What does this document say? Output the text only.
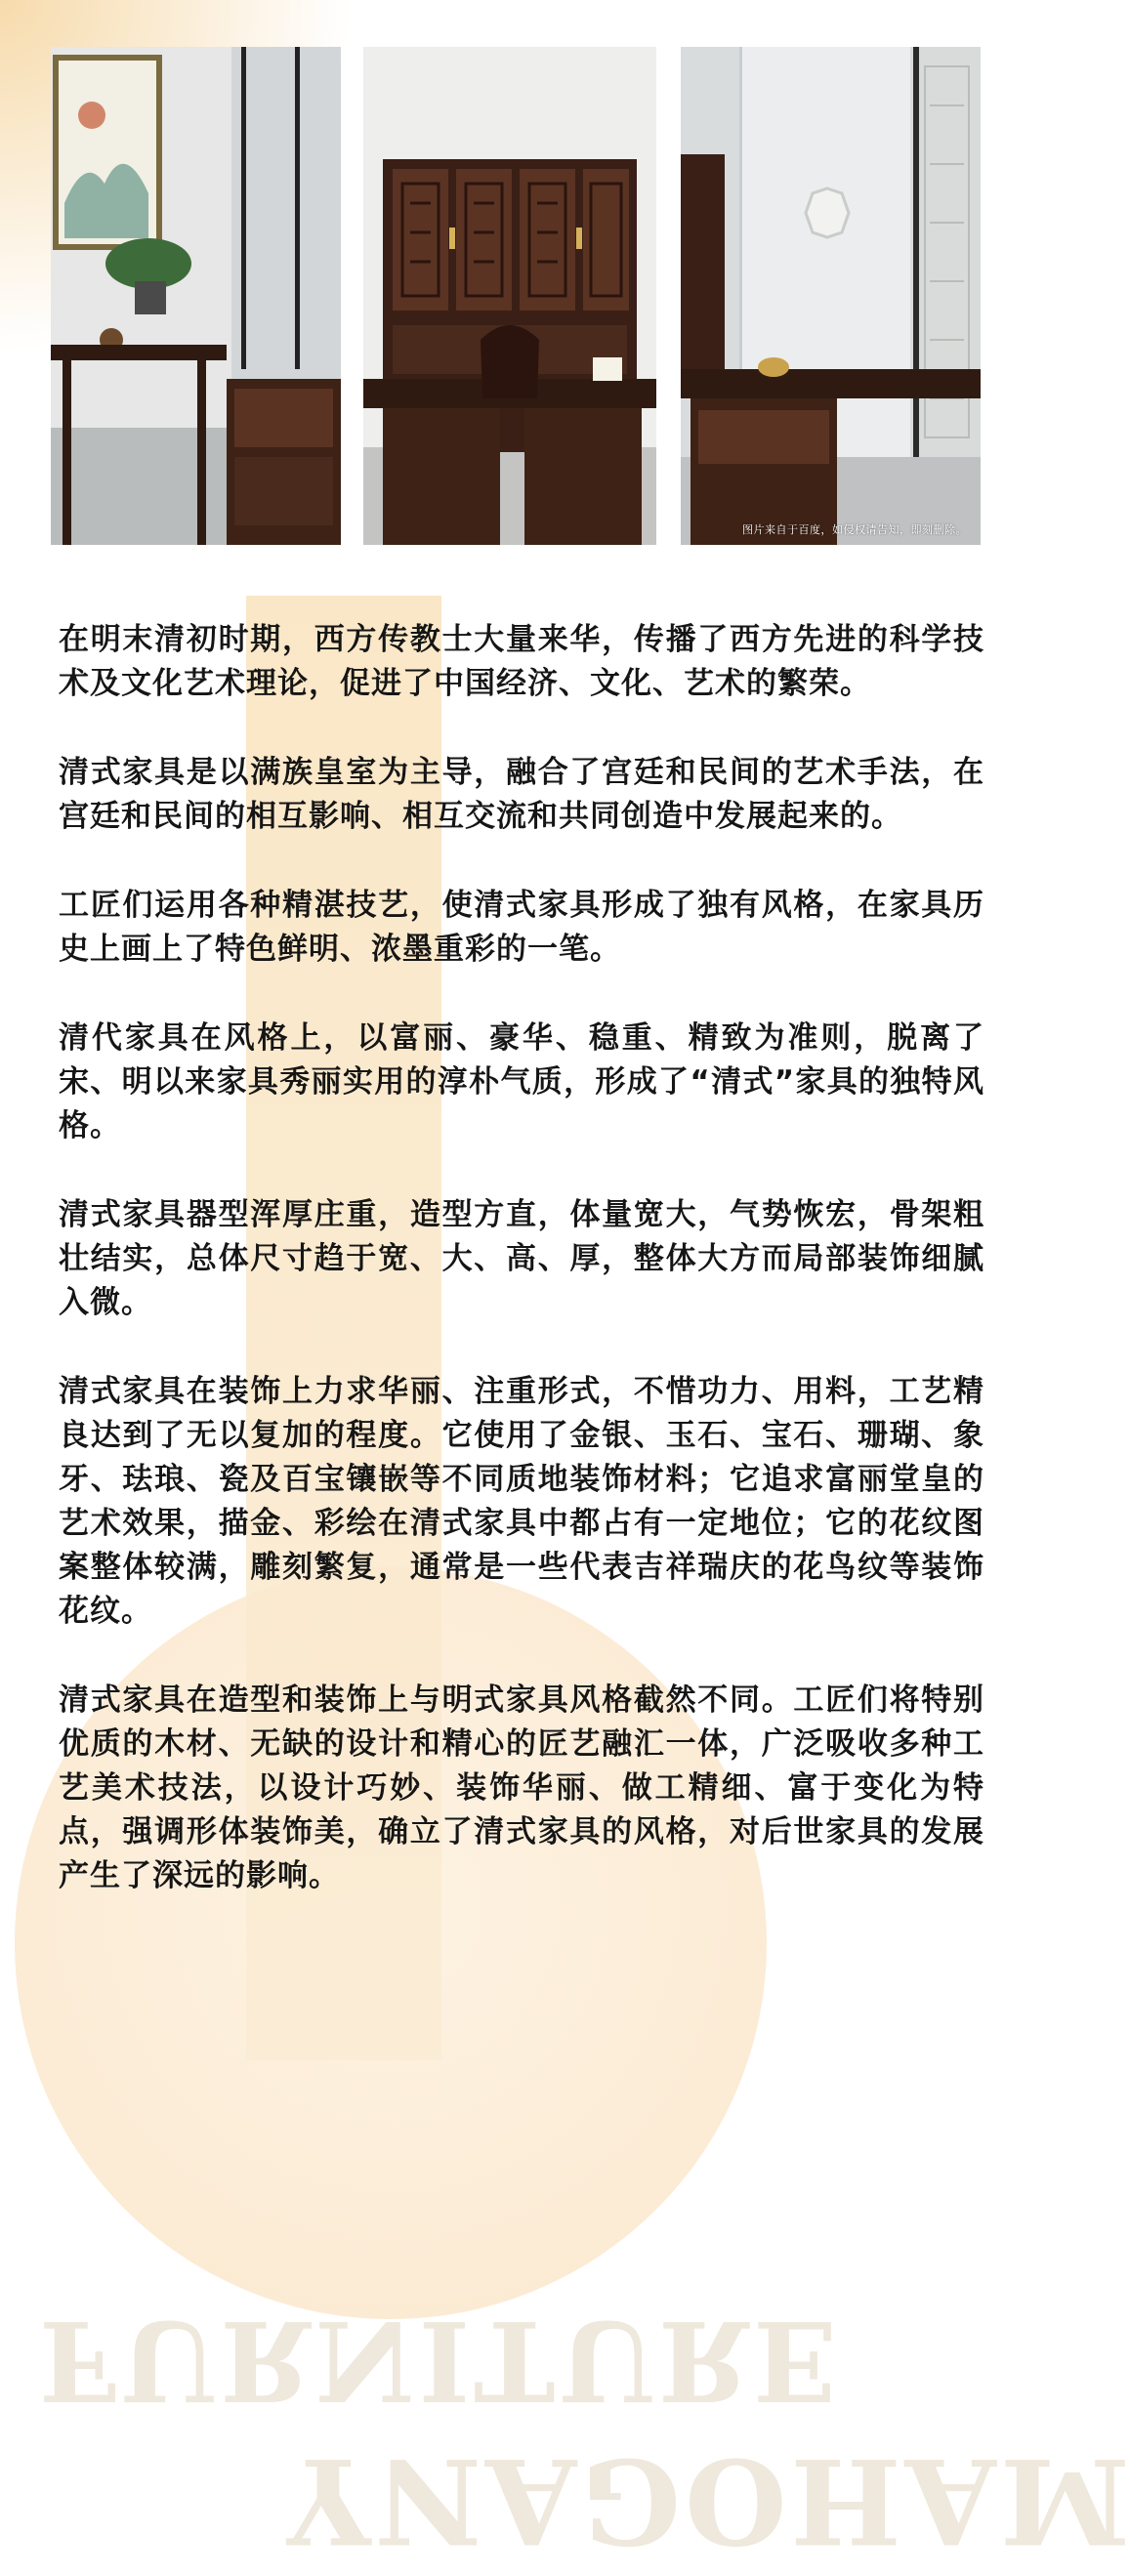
图片来自于百度，如侵权请告知，即刻删除。
FURNITURE
MAHOGANY

在明末清初时期，西方传教士大量来华，传播了西方先进的科学技术及文化艺术理论，促进了中国经济、文化、艺术的繁荣。

清式家具是以满族皇室为主导，融合了宫廷和民间的艺术手法，在宫廷和民间的相互影响、相互交流和共同创造中发展起来的。

工匠们运用各种精湛技艺，使清式家具形成了独有风格，在家具历史上画上了特色鲜明、浓墨重彩的一笔。

清代家具在风格上，以富丽、豪华、稳重、精致为准则，脱离了宋、明以来家具秀丽实用的淳朴气质，形成了“清式”家具的独特风格。

清式家具器型浑厚庄重，造型方直，体量宽大，气势恢宏，骨架粗壮结实，总体尺寸趋于宽、大、高、厚，整体大方而局部装饰细腻入微。

清式家具在装饰上力求华丽、注重形式，不惜功力、用料，工艺精良达到了无以复加的程度。它使用了金银、玉石、宝石、珊瑚、象牙、珐琅、瓷及百宝镶嵌等不同质地装饰材料；它追求富丽堂皇的艺术效果，描金、彩绘在清式家具中都占有一定地位；它的花纹图案整体较满，雕刻繁复，通常是一些代表吉祥瑞庆的花鸟纹等装饰花纹。

清式家具在造型和装饰上与明式家具风格截然不同。工匠们将特别优质的木材、无缺的设计和精心的匠艺融汇一体，广泛吸收多种工艺美术技法，以设计巧妙、装饰华丽、做工精细、富于变化为特点，强调形体装饰美，确立了清式家具的风格，对后世家具的发展产生了深远的影响。
